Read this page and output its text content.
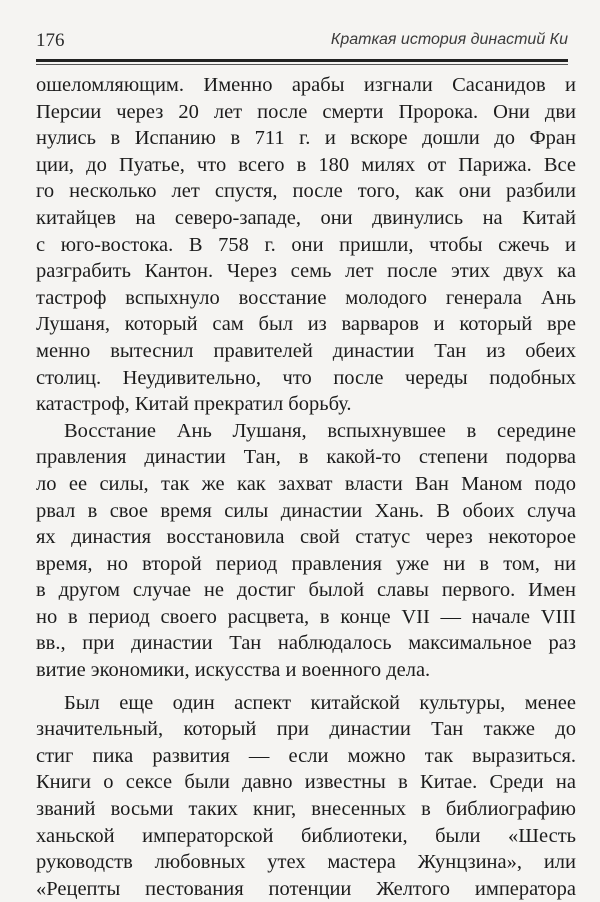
176	Краткая история династий Ки
ошеломляющим. Именно арабы изгнали Сасанидов и
Персии через 20 лет после смерти Пророка. Они дви
нулись в Испанию в 711 г. и вскоре дошли до Фран
ции, до Пуатье, что всего в 180 милях от Парижа. Все
го несколько лет спустя, после того, как они разбили
китайцев на северо-западе, они двинулись на Китай
с юго-востока. В 758 г. они пришли, чтобы сжечь и
разграбить Кантон. Через семь лет после этих двух ка
тастроф вспыхнуло восстание молодого генерала Ань
Лушаня, который сам был из варваров и который вре
менно вытеснил правителей династии Тан из обеих
столиц. Неудивительно, что после череды подобных
катастроф, Китай прекратил борьбу.
Восстание Ань Лушаня, вспыхнувшее в середине
правления династии Тан, в какой-то степени подорва
ло ее силы, так же как захват власти Ван Маном подо
рвал в свое время силы династии Хань. В обоих случа
ях династия восстановила свой статус через некоторое
время, но второй период правления уже ни в том, ни
в другом случае не достиг былой славы первого. Имен
но в период своего расцвета, в конце VII — начале VIII
вв., при династии Тан наблюдалось максимальное раз
витие экономики, искусства и военного дела.
Был еще один аспект китайской культуры, менее
значительный, который при династии Тан также до
стиг пика развития — если можно так выразиться.
Книги о сексе были давно известны в Китае. Среди на
званий восьми таких книг, внесенных в библиографию
ханьской императорской библиотеки, были «Шесть
руководств любовных утех мастера Жунцзина», или
«Рецепты пестования потенции Желтого императора
